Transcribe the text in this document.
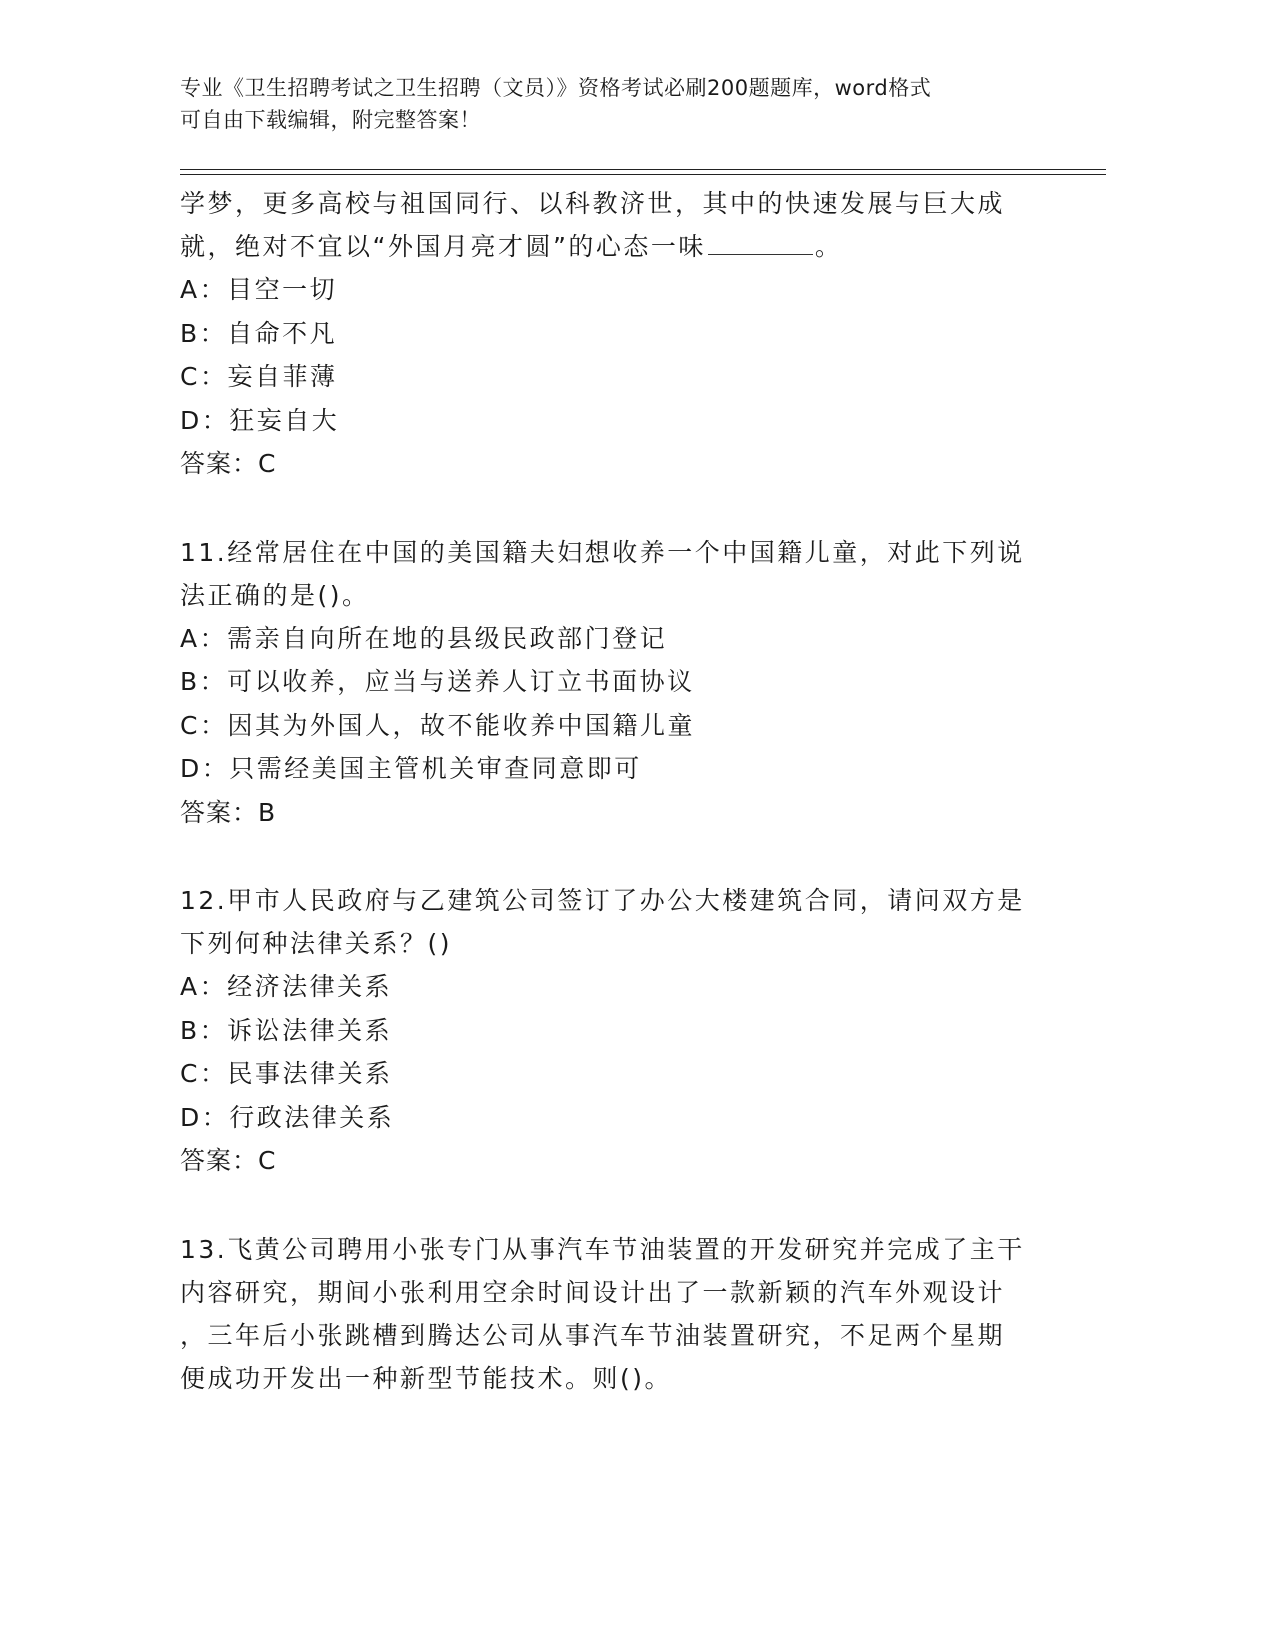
专业《卫生招聘考试之卫生招聘（文员）》资格考试必刷200题题库，word格式
可自由下载编辑，附完整答案！

学梦，更多高校与祖国同行、以科教济世，其中的快速发展与巨大成

就，绝对不宜以“外国月亮才圆”的心态一味	。

A：目空一切

B：自命不凡

C：妄自菲薄

D：狂妄自大

答案：C

11.经常居住在中国的美国籍夫妇想收养一个中国籍儿童，对此下列说

法正确的是()。

A：需亲自向所在地的县级民政部门登记

B：可以收养，应当与送养人订立书面协议

C：因其为外国人，故不能收养中国籍儿童

D：只需经美国主管机关审查同意即可

答案：B

12.甲市人民政府与乙建筑公司签订了办公大楼建筑合同，请问双方是

下列何种法律关系？()

A：经济法律关系

B：诉讼法律关系

C：民事法律关系

D：行政法律关系

答案：C

13.飞黄公司聘用小张专门从事汽车节油装置的开发研究并完成了主干

内容研究，期间小张利用空余时间设计出了一款新颖的汽车外观设计

，三年后小张跳槽到腾达公司从事汽车节油装置研究，不足两个星期

便成功开发出一种新型节能技术。则()。
